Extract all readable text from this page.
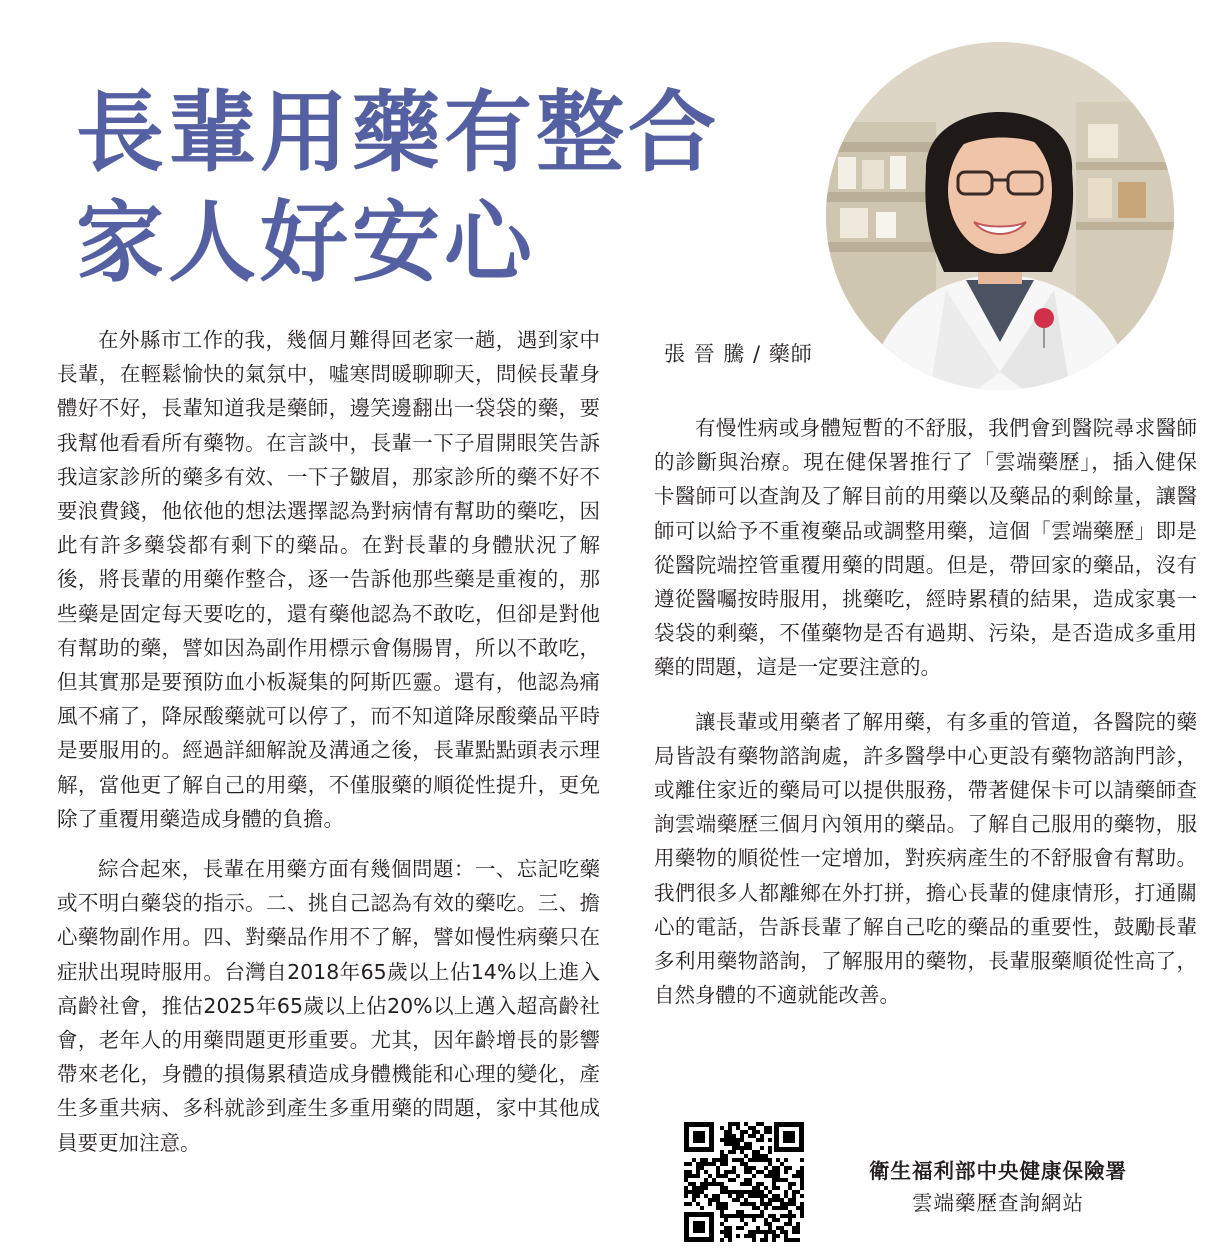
長輩用藥有整合
家人好安心
張 晉 騰 / 藥師

在外縣市工作的我，幾個月難得回老家一趟，遇到家中長輩，在輕鬆愉快的氣氛中，噓寒問暖聊聊天，問候長輩身體好不好，長輩知道我是藥師，邊笑邊翻出一袋袋的藥，要我幫他看看所有藥物。在言談中，長輩一下子眉開眼笑告訴我這家診所的藥多有效、一下子皺眉，那家診所的藥不好不要浪費錢，他依他的想法選擇認為對病情有幫助的藥吃，因此有許多藥袋都有剩下的藥品。在對長輩的身體狀況了解後，將長輩的用藥作整合，逐一告訴他那些藥是重複的，那些藥是固定每天要吃的，還有藥他認為不敢吃，但卻是對他有幫助的藥，譬如因為副作用標示會傷腸胃，所以不敢吃，但其實那是要預防血小板凝集的阿斯匹靈。還有，他認為痛風不痛了，降尿酸藥就可以停了，而不知道降尿酸藥品平時是要服用的。經過詳細解說及溝通之後，長輩點點頭表示理解，當他更了解自己的用藥，不僅服藥的順從性提升，更免除了重覆用藥造成身體的負擔。

綜合起來，長輩在用藥方面有幾個問題：一、忘記吃藥或不明白藥袋的指示。二、挑自己認為有效的藥吃。三、擔心藥物副作用。四、對藥品作用不了解，譬如慢性病藥只在症狀出現時服用。台灣自2018年65歲以上佔14%以上進入高齡社會，推估2025年65歲以上佔20%以上邁入超高齡社會，老年人的用藥問題更形重要。尤其，因年齡增長的影響帶來老化，身體的損傷累積造成身體機能和心理的變化，產生多重共病、多科就診到產生多重用藥的問題，家中其他成員要更加注意。

有慢性病或身體短暫的不舒服，我們會到醫院尋求醫師的診斷與治療。現在健保署推行了「雲端藥歷」，插入健保卡醫師可以查詢及了解目前的用藥以及藥品的剩餘量，讓醫師可以給予不重複藥品或調整用藥，這個「雲端藥歷」即是從醫院端控管重覆用藥的問題。但是，帶回家的藥品，沒有遵從醫囑按時服用，挑藥吃，經時累積的結果，造成家裏一袋袋的剩藥，不僅藥物是否有過期、污染，是否造成多重用藥的問題，這是一定要注意的。

讓長輩或用藥者了解用藥，有多重的管道，各醫院的藥局皆設有藥物諮詢處，許多醫學中心更設有藥物諮詢門診，或離住家近的藥局可以提供服務，帶著健保卡可以請藥師查詢雲端藥歷三個月內領用的藥品。了解自己服用的藥物，服用藥物的順從性一定增加，對疾病產生的不舒服會有幫助。我們很多人都離鄉在外打拼，擔心長輩的健康情形，打通關心的電話，告訴長輩了解自己吃的藥品的重要性，鼓勵長輩多利用藥物諮詢，了解服用的藥物，長輩服藥順從性高了，自然身體的不適就能改善。

衛生福利部中央健康保險署
雲端藥歷查詢網站
